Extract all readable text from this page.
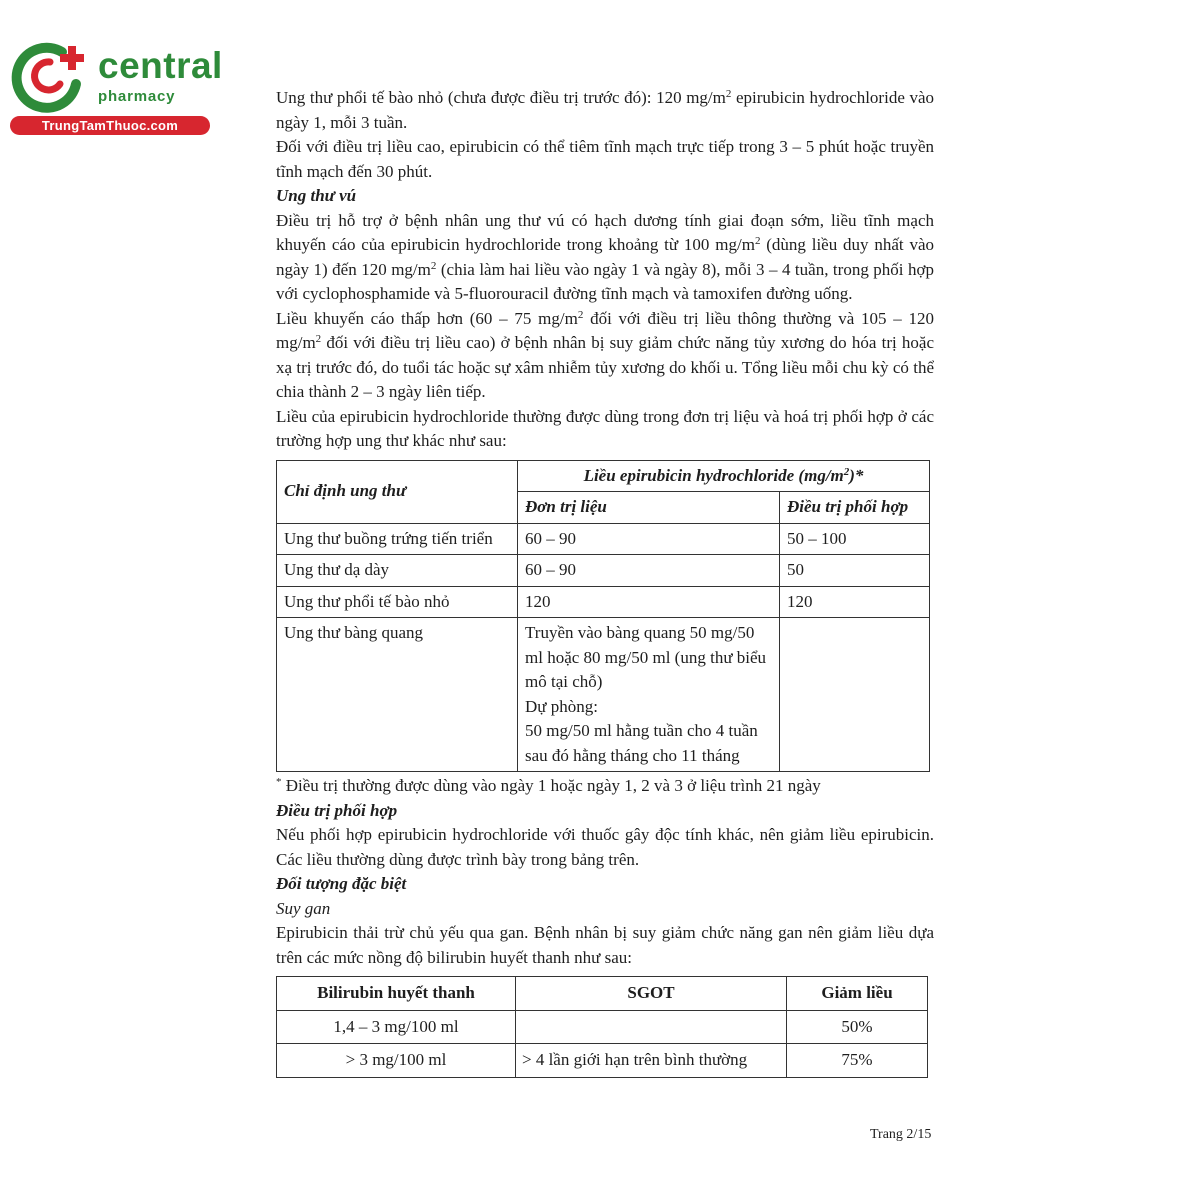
central
pharmacy
TrungTamThuoc.com

Ung thư phổi tế bào nhỏ (chưa được điều trị trước đó): 120 $mg/m^2$ epirubicin hydrochloride vào ngày 1, mỗi 3 tuần.

Đối với điều trị liều cao, epirubicin có thể tiêm tĩnh mạch trực tiếp trong 3 – 5 phút hoặc truyền tĩnh mạch đến 30 phút.

Ung thư vú

Điều trị hỗ trợ ở bệnh nhân ung thư vú có hạch dương tính giai đoạn sớm, liều tĩnh mạch khuyến cáo của epirubicin hydrochloride trong khoảng từ 100 $mg/m^2$ (dùng liều duy nhất vào ngày 1) đến 120 $mg/m^2$ (chia làm hai liều vào ngày 1 và ngày 8), mỗi 3 – 4 tuần, trong phối hợp với cyclophosphamide và 5-fluorouracil đường tĩnh mạch và tamoxifen đường uống.

Liều khuyến cáo thấp hơn (60 – 75 $mg/m^2$ đối với điều trị liều thông thường và 105 – 120 $mg/m^2$ đối với điều trị liều cao) ở bệnh nhân bị suy giảm chức năng tủy xương do hóa trị hoặc xạ trị trước đó, do tuổi tác hoặc sự xâm nhiễm tủy xương do khối u. Tổng liều mỗi chu kỳ có thể chia thành 2 – 3 ngày liên tiếp.

Liều của epirubicin hydrochloride thường được dùng trong đơn trị liệu và hoá trị phối hợp ở các trường hợp ung thư khác như sau:

Chỉ định ung thư	Liều epirubicin hydrochloride $(mg/m^2)*$	
	Đơn trị liệu	Điều trị phối hợp
Ung thư buồng trứng tiến triển	60 – 90	50 – 100
Ung thư dạ dày	60 – 90	50
Ung thư phổi tế bào nhỏ	120	120
Ung thư bàng quang	Truyền vào bàng quang 50 mg/50 ml hoặc 80 mg/50 ml (ung thư biểu mô tại chỗ)
Dự phòng:
50 mg/50 ml hằng tuần cho 4 tuần sau đó hằng tháng cho 11 tháng	

* Điều trị thường được dùng vào ngày 1 hoặc ngày 1, 2 và 3 ở liệu trình 21 ngày

Điều trị phối hợp

Nếu phối hợp epirubicin hydrochloride với thuốc gây độc tính khác, nên giảm liều epirubicin. Các liều thường dùng được trình bày trong bảng trên.

Đối tượng đặc biệt

Suy gan

Epirubicin thải trừ chủ yếu qua gan. Bệnh nhân bị suy giảm chức năng gan nên giảm liều dựa trên các mức nồng độ bilirubin huyết thanh như sau:

Bilirubin huyết thanh	SGOT	Giảm liều
1,4 – 3 mg/100 ml		50%
> 3 mg/100 ml	> 4 lần giới hạn trên bình thường	75%
Trang 2/15
